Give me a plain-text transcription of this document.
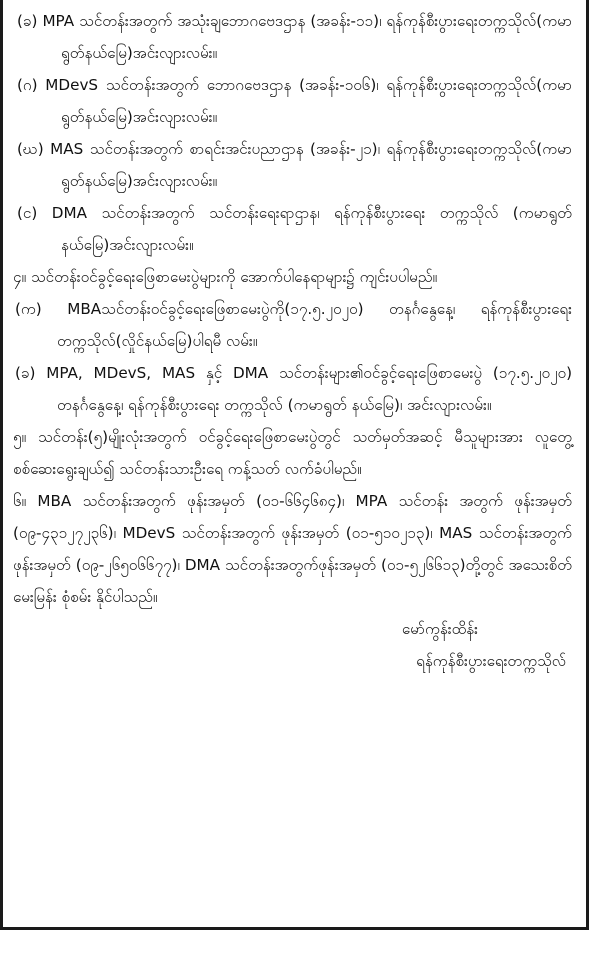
(ခ) MPA သင်တန်းအတွက် အသုံးချဘောဂဗေဒဌာန (အခန်း-၁၁)၊ ရန်ကုန်စီးပွားရေးတက္ကသိုလ်(ကမာရွတ်နယ်မြေ)အင်းလျားလမ်း။
(ဂ) MDevS သင်တန်းအတွက် ဘောဂဗေဒဌာန (အခန်း-၁၀၆)၊ ရန်ကုန်စီးပွားရေးတက္ကသိုလ်(ကမာရွတ်နယ်မြေ)အင်းလျားလမ်း။
(ဃ) MAS သင်တန်းအတွက် စာရင်းအင်းပညာဌာန (အခန်း-၂၁)၊ ရန်ကုန်စီးပွားရေးတက္ကသိုလ်(ကမာရွတ်နယ်မြေ)အင်းလျားလမ်း။
(င) DMA သင်တန်းအတွက် သင်တန်းရေးရာဌာန၊ ရန်ကုန်စီးပွားရေး တက္ကသိုလ် (ကမာရွတ်နယ်မြေ)အင်းလျားလမ်း။
၄။ သင်တန်းဝင်ခွင့်ရေးဖြေစာမေးပွဲများကို အောက်ပါနေရာများ၌ ကျင်းပပါမည်။
(က) MBAသင်တန်းဝင်ခွင့်ရေးဖြေစာမေးပွဲကို(၁၇.၅.၂၀၂၀) တနင်္ဂနွေနေ့၊ ရန်ကုန်စီးပွားရေးတက္ကသိုလ်(လှိုင်နယ်မြေ)ပါရမီ လမ်း။
(ခ) MPA, MDevS, MAS နှင့် DMA သင်တန်းများ၏ဝင်ခွင့်ရေးဖြေစာမေးပွဲ (၁၇.၅.၂၀၂၀) တနင်္ဂနွေနေ့၊ ရန်ကုန်စီးပွားရေး တက္ကသိုလ် (ကမာရွတ် နယ်မြေ)၊ အင်းလျားလမ်း။
၅။ သင်တန်း(၅)မျိုးလုံးအတွက် ဝင်ခွင့်ရေးဖြေစာမေးပွဲတွင် သတ်မှတ်အဆင့် မီသူများအား လူတွေ့စစ်ဆေးရွေးချယ်၍ သင်တန်းသားဦးရေ ကန့်သတ် လက်ခံပါမည်။
၆။ MBA သင်တန်းအတွက် ဖုန်းအမှတ် (၀၁-၆၆၄၆၈၄)၊ MPA သင်တန်း အတွက် ဖုန်းအမှတ် (၀၉-၄၃၁၂၇၂၃၆)၊ MDevS သင်တန်းအတွက် ဖုန်းအမှတ် (၀၁-၅၁၀၂၁၃)၊ MAS သင်တန်းအတွက် ဖုန်းအမှတ် (၀၉-၂၆၅၀၆၆၇၇)၊ DMA သင်တန်းအတွက်ဖုန်းအမှတ် (၀၁-၅၂၆၆၁၃)တို့တွင် အသေးစိတ်မေးမြန်း စုံစမ်း နိုင်ပါသည်။
မော်ကွန်းထိန်း
ရန်ကုန်စီးပွားရေးတက္ကသိုလ်
